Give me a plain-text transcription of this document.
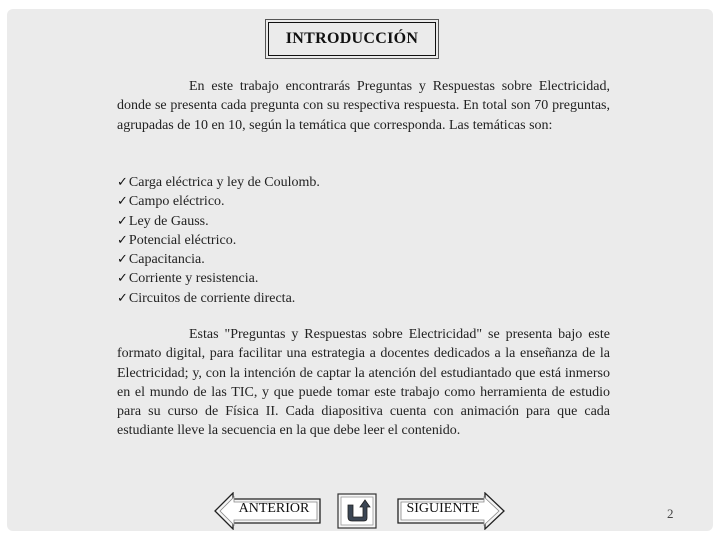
INTRODUCCIÓN
En este trabajo encontrarás Preguntas y Respuestas sobre Electricidad, donde se presenta cada pregunta con su respectiva respuesta. En total son 70 preguntas, agrupadas de 10 en 10, según la temática que corresponda. Las temáticas son:
✓Carga eléctrica y ley de Coulomb.
✓Campo eléctrico.
✓Ley de Gauss.
✓Potencial eléctrico.
✓Capacitancia.
✓Corriente y resistencia.
✓Circuitos de corriente directa.
Estas "Preguntas y Respuestas sobre Electricidad" se presenta bajo este formato digital, para facilitar una estrategia a docentes dedicados a la enseñanza de la Electricidad; y, con la intención de captar la atención del estudiantado que está inmerso en el mundo de las TIC, y que puede tomar este trabajo como herramienta de estudio para su curso de Física II. Cada diapositiva cuenta con animación para que cada estudiante lleve la secuencia en la que debe leer el contenido.
ANTERIOR	SIGUIENTE	2
